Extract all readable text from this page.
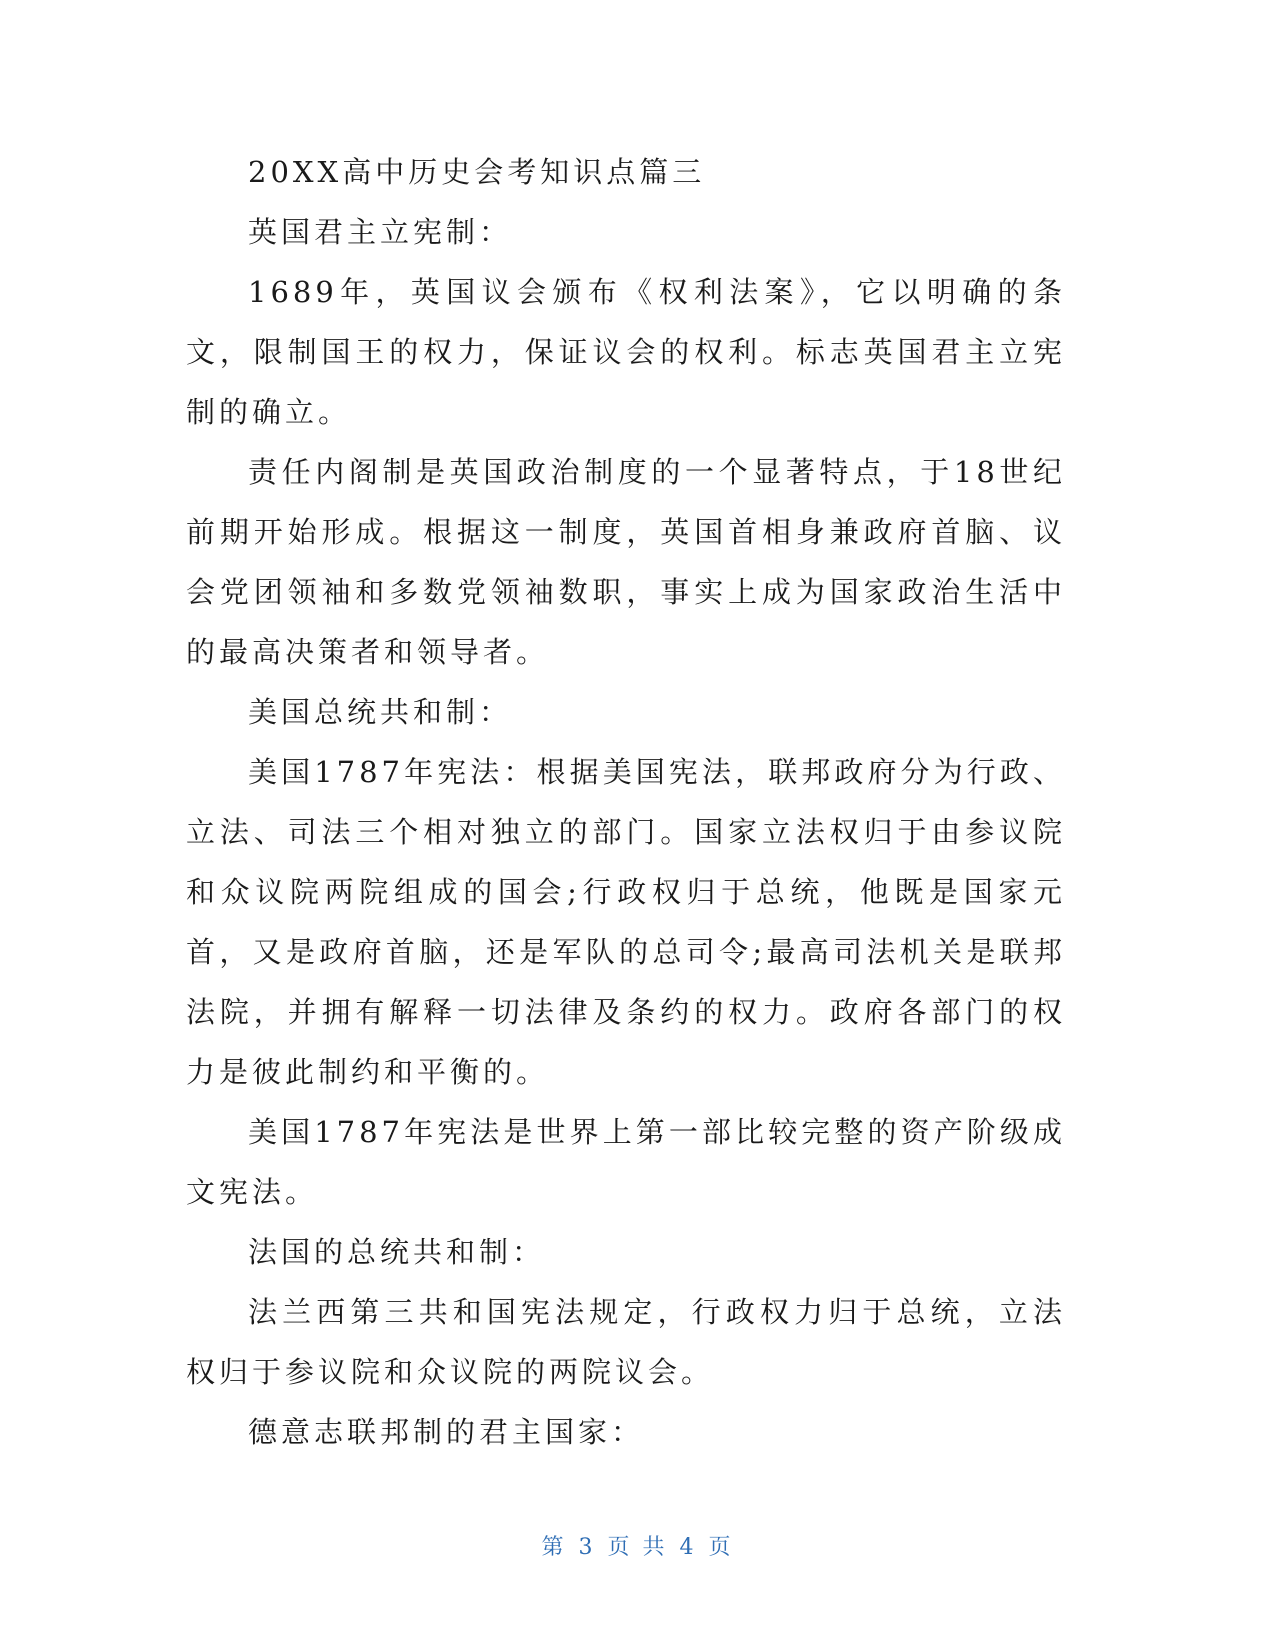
20XX高中历史会考知识点篇三

英国君主立宪制：

1689年，英国议会颁布《权利法案》，它以明确的条文，限制国王的权力，保证议会的权利。标志英国君主立宪制的确立。

责任内阁制是英国政治制度的一个显著特点，于18世纪前期开始形成。根据这一制度，英国首相身兼政府首脑、议会党团领袖和多数党领袖数职，事实上成为国家政治生活中的最高决策者和领导者。

美国总统共和制：

美国1787年宪法：根据美国宪法，联邦政府分为行政、立法、司法三个相对独立的部门。国家立法权归于由参议院和众议院两院组成的国会;行政权归于总统，他既是国家元首，又是政府首脑，还是军队的总司令;最高司法机关是联邦法院，并拥有解释一切法律及条约的权力。政府各部门的权力是彼此制约和平衡的。

美国1787年宪法是世界上第一部比较完整的资产阶级成文宪法。

法国的总统共和制：

法兰西第三共和国宪法规定，行政权力归于总统，立法权归于参议院和众议院的两院议会。

德意志联邦制的君主国家：

第 3 页 共 4 页
